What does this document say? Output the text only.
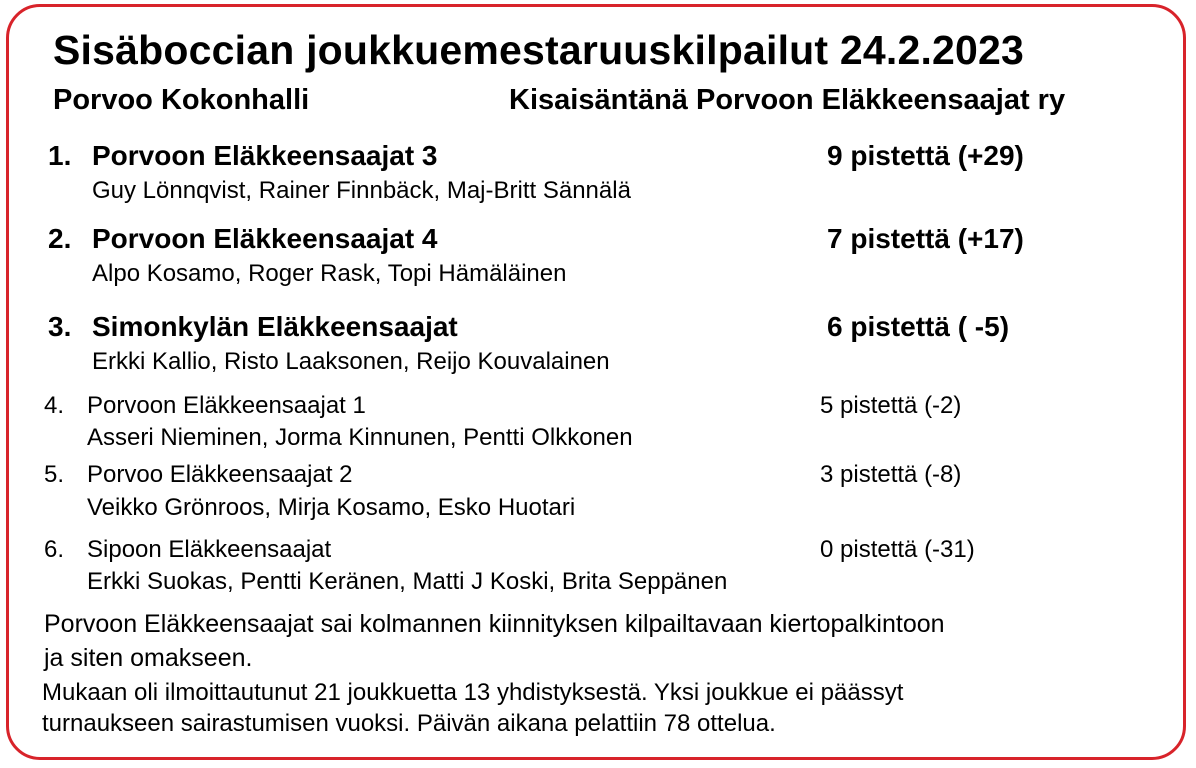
Sisäboccian joukkuemestaruuskilpailut 24.2.2023
Porvoo Kokonhalli	Kisaisäntänä Porvoon Eläkkeensaajat ry
1. Porvoon Eläkkeensaajat 3	9 pistettä (+29)
Guy Lönnqvist, Rainer Finnbäck, Maj-Britt Sännälä
2. Porvoon Eläkkeensaajat 4	7 pistettä (+17)
Alpo Kosamo, Roger Rask, Topi Hämäläinen
3. Simonkylän Eläkkeensaajat	6 pistettä ( -5)
Erkki Kallio, Risto Laaksonen, Reijo Kouvalainen
4. Porvoon Eläkkeensaajat 1	5 pistettä (-2)
Asseri Nieminen, Jorma Kinnunen, Pentti Olkkonen
5. Porvoo Eläkkeensaajat 2	3 pistettä (-8)
Veikko Grönroos, Mirja Kosamo, Esko Huotari
6. Sipoon Eläkkeensaajat	0 pistettä (-31)
Erkki Suokas, Pentti Keränen, Matti J Koski, Brita Seppänen
Porvoon Eläkkeensaajat sai kolmannen kiinnityksen kilpailtavaan kiertopalkintoon
ja siten omakseen.
Mukaan oli ilmoittautunut 21 joukkuetta 13 yhdistyksestä. Yksi joukkue ei päässyt
turnaukseen sairastumisen vuoksi. Päivän aikana pelattiin 78 ottelua.
